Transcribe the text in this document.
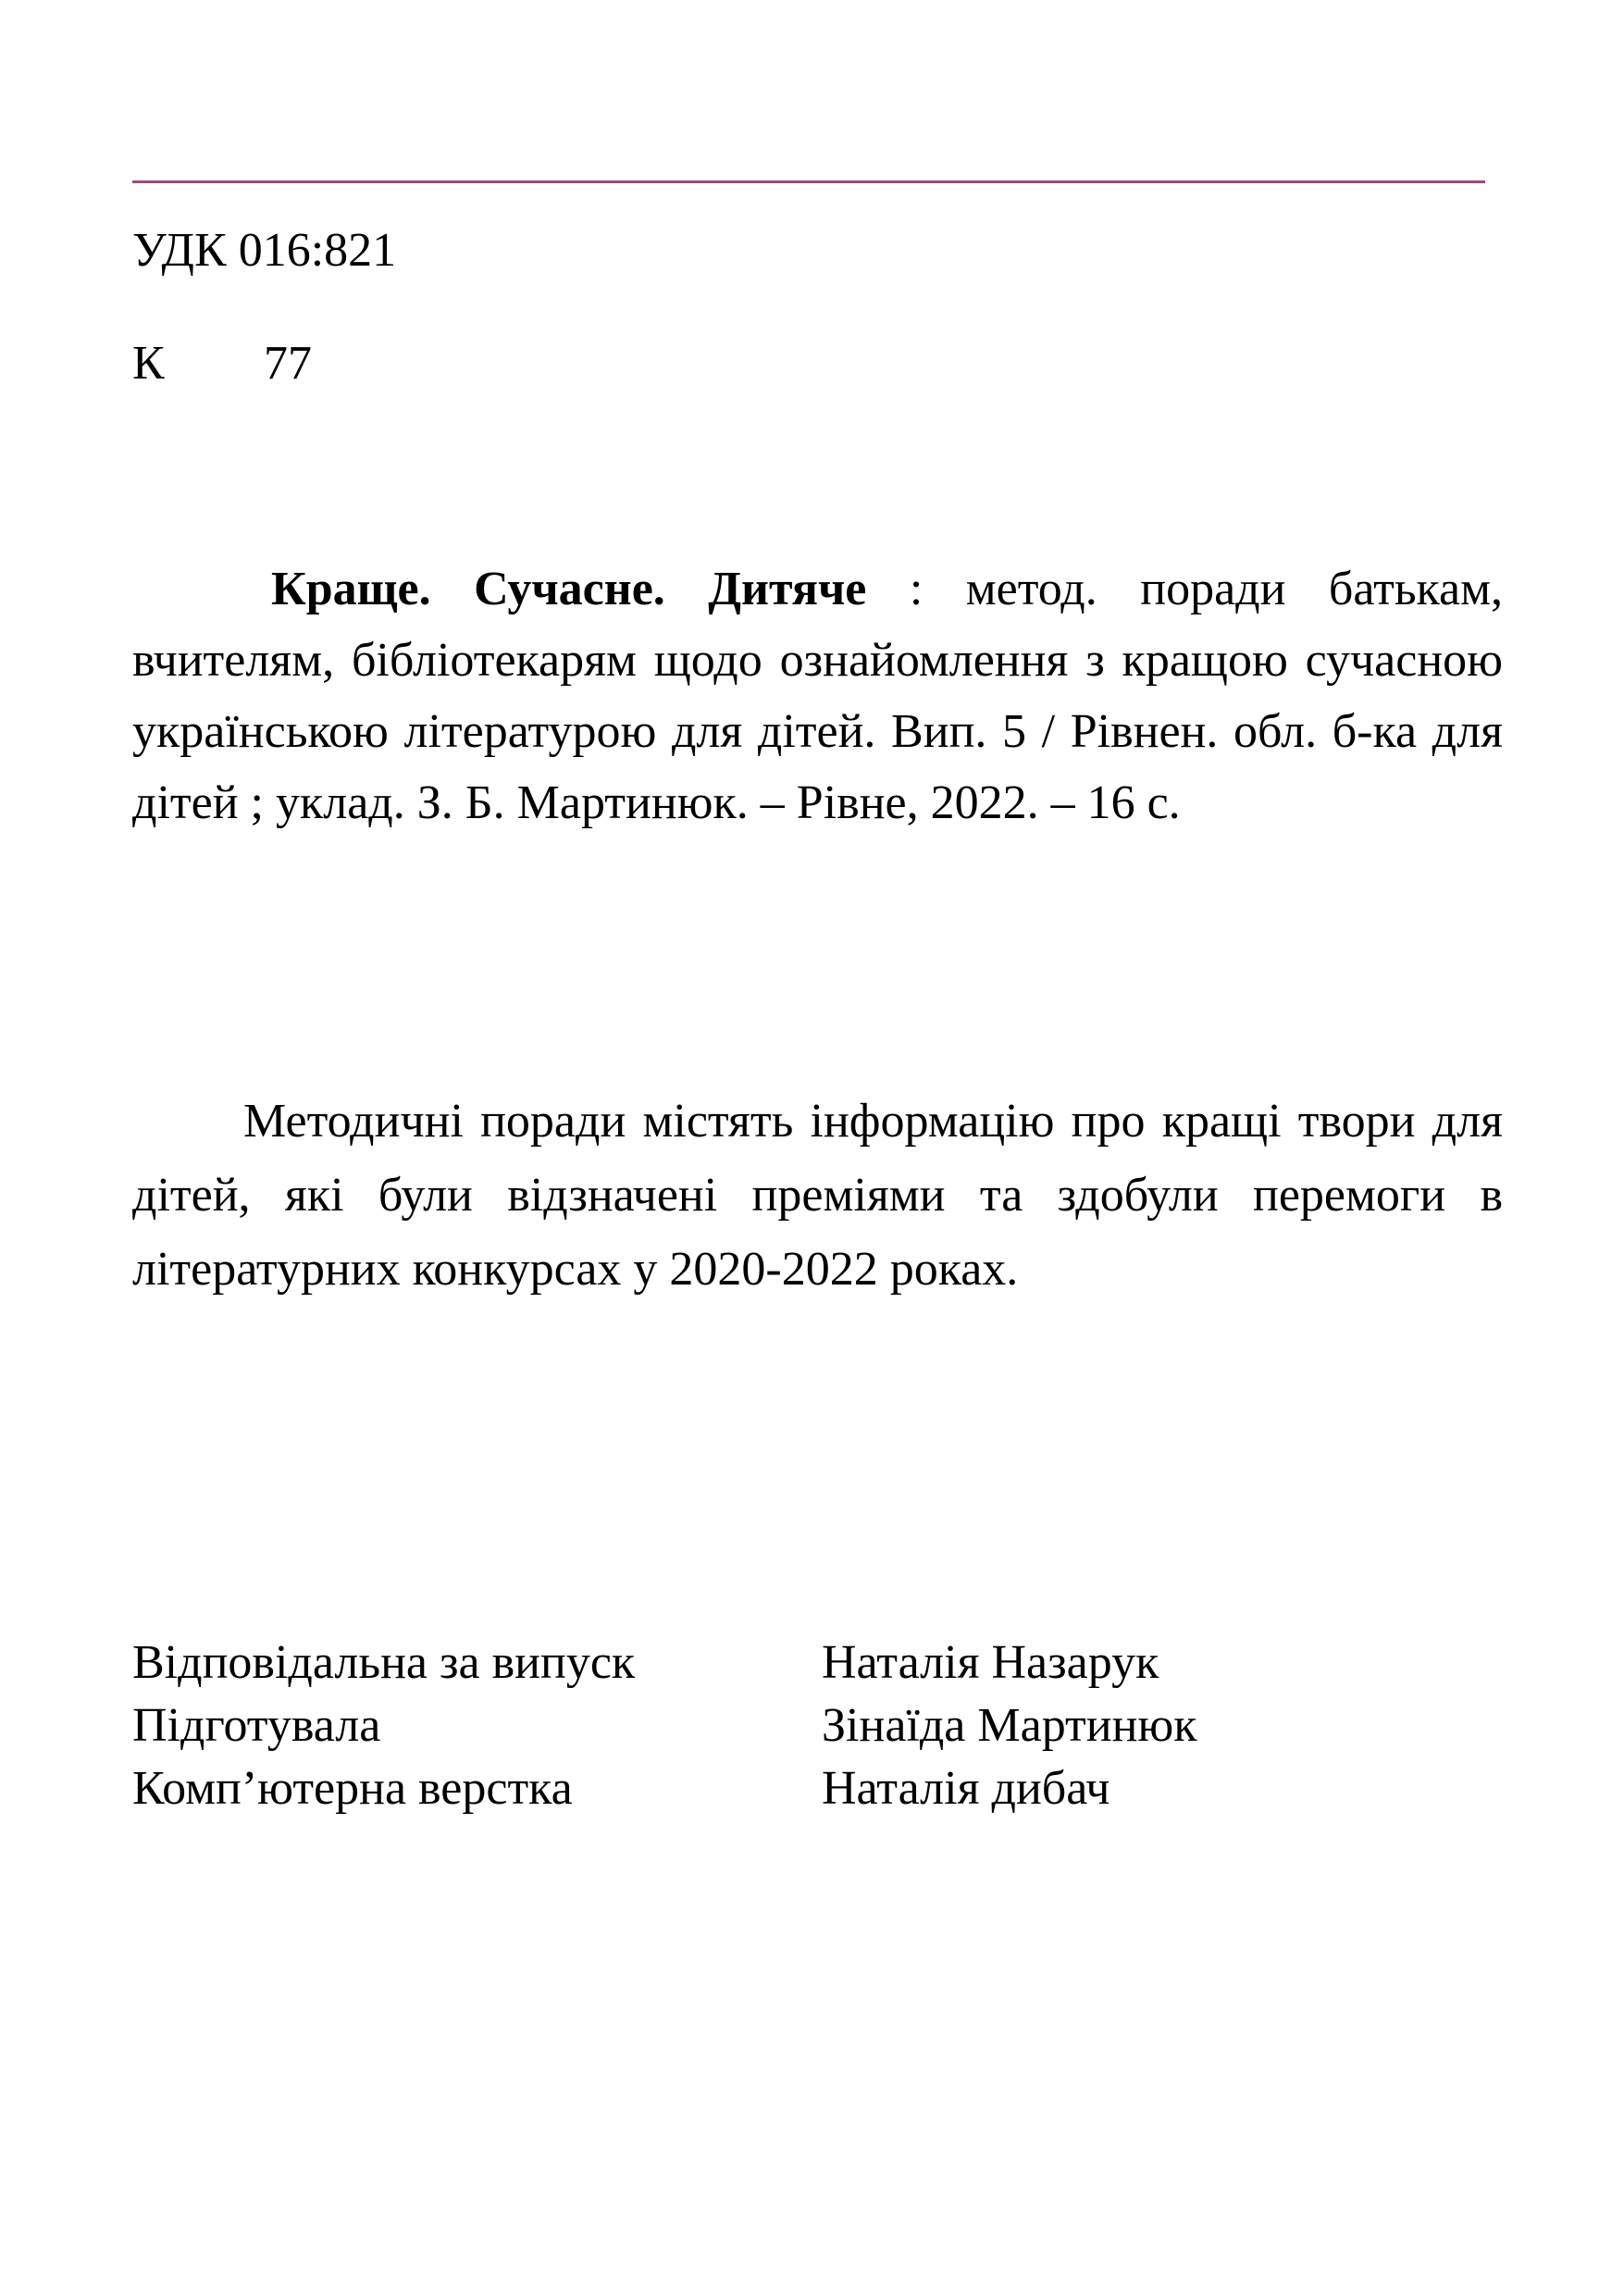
УДК 016:821
К 77

Краще. Сучасне. Дитяче : метод. поради батькам, вчителям, бібліотекарям щодо ознайомлення з кращою сучасною українською літературою для дітей. Вип. 5 / Рівнен. обл. б-ка для дітей ; уклад. З. Б. Мартинюк. – Рівне, 2022. – 16 с.

Методичні поради містять інформацію про кращі твори для дітей, які були відзначені преміями та здобули перемоги в літературних конкурсах у 2020-2022 роках.

Відповідальна за випуск	Наталія Назарук
Підготувала	Зінаїда Мартинюк
Комп’ютерна верстка	Наталія дибач
